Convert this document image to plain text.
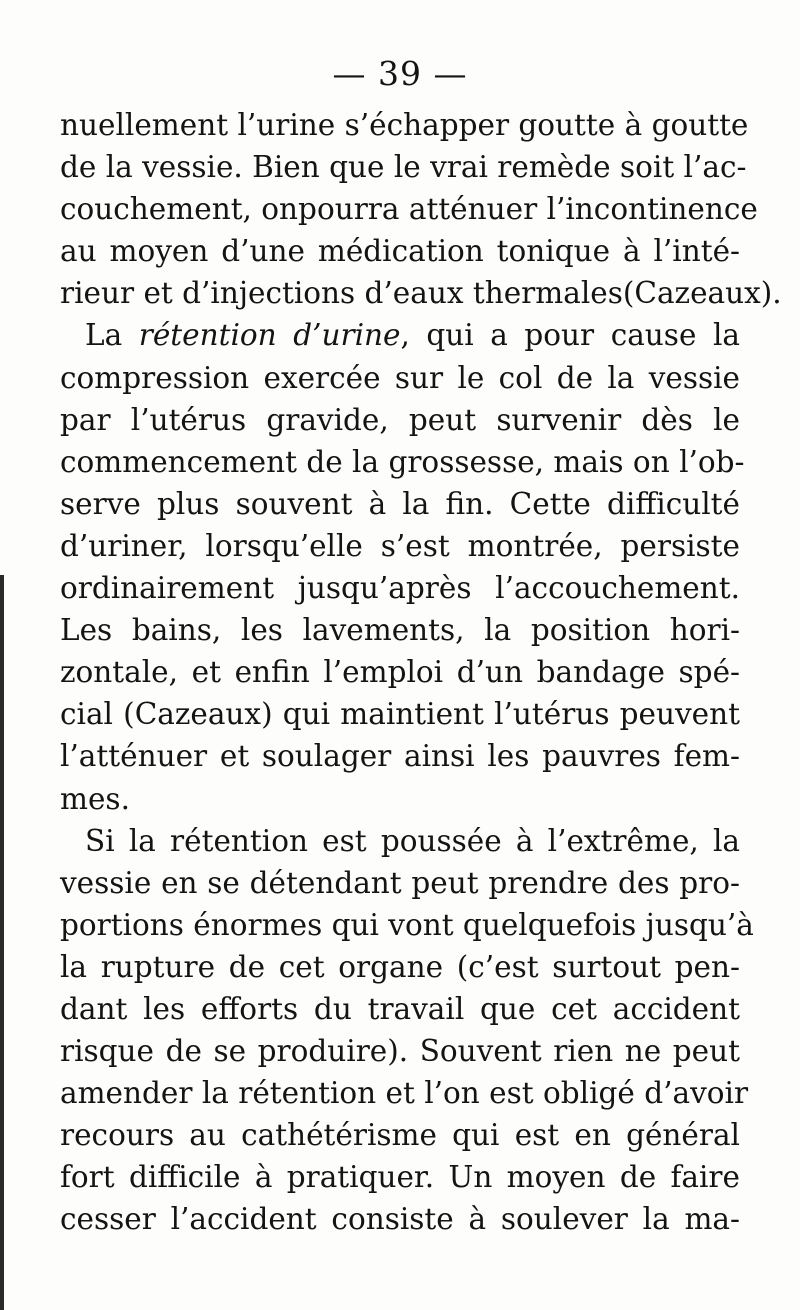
— 39 —
nuellement l’urine s’échapper goutte à goutte
de la vessie. Bien que le vrai remède soit l’ac-
couchement, onpourra atténuer l’incontinence
au moyen d’une médication tonique à l’inté-
rieur et d’injections d’eaux thermales(Cazeaux).
La rétention d’urine, qui a pour cause la
compression exercée sur le col de la vessie
par l’utérus gravide, peut survenir dès le
commencement de la grossesse, mais on l’ob-
serve plus souvent à la fin. Cette difficulté
d’uriner, lorsqu’elle s’est montrée, persiste
ordinairement jusqu’après l’accouchement.
Les bains, les lavements, la position hori-
zontale, et enfin l’emploi d’un bandage spé-
cial (Cazeaux) qui maintient l’utérus peuvent
l’atténuer et soulager ainsi les pauvres fem-
mes.
Si la rétention est poussée à l’extrême, la
vessie en se détendant peut prendre des pro-
portions énormes qui vont quelquefois jusqu’à
la rupture de cet organe (c’est surtout pen-
dant les efforts du travail que cet accident
risque de se produire). Souvent rien ne peut
amender la rétention et l’on est obligé d’avoir
recours au cathétérisme qui est en général
fort difficile à pratiquer. Un moyen de faire
cesser l’accident consiste à soulever la ma-
